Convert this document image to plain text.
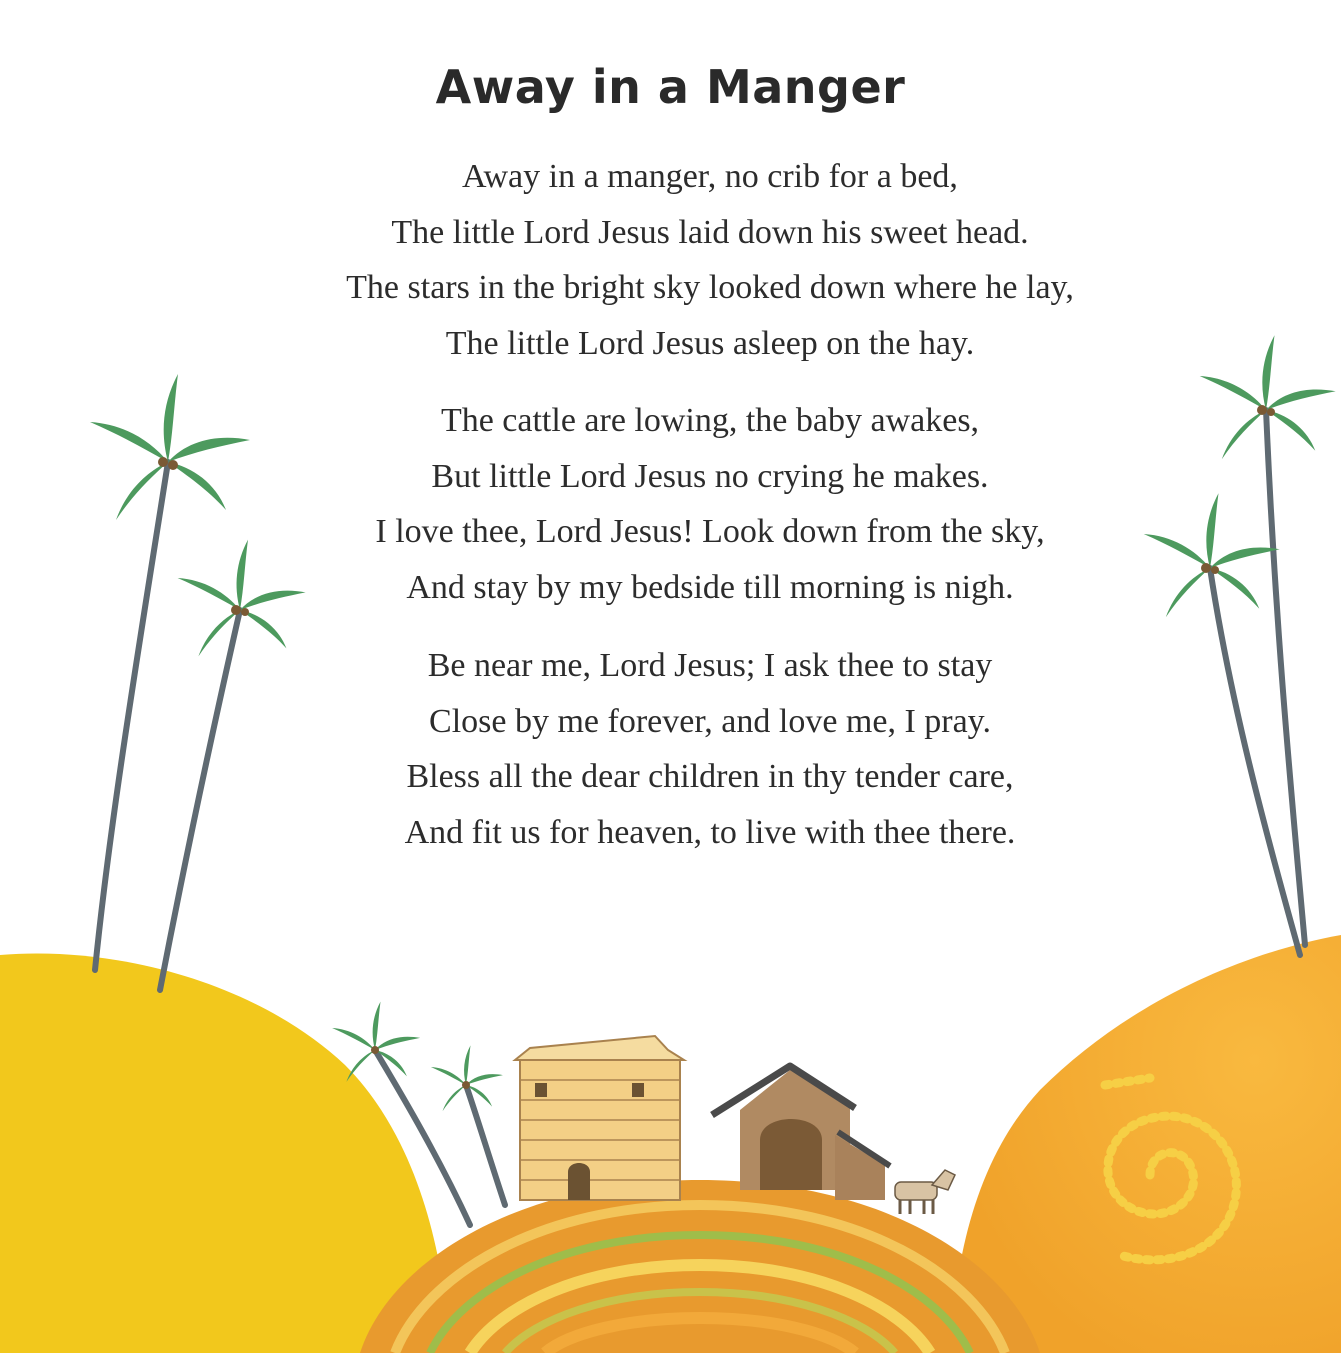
Away in a Manger
Away in a manger, no crib for a bed,
The little Lord Jesus laid down his sweet head.
The stars in the bright sky looked down where he lay,
The little Lord Jesus asleep on the hay.
The cattle are lowing, the baby awakes,
But little Lord Jesus no crying he makes.
I love thee, Lord Jesus! Look down from the sky,
And stay by my bedside till morning is nigh.
Be near me, Lord Jesus; I ask thee to stay
Close by me forever, and love me, I pray.
Bless all the dear children in thy tender care,
And fit us for heaven, to live with thee there.
